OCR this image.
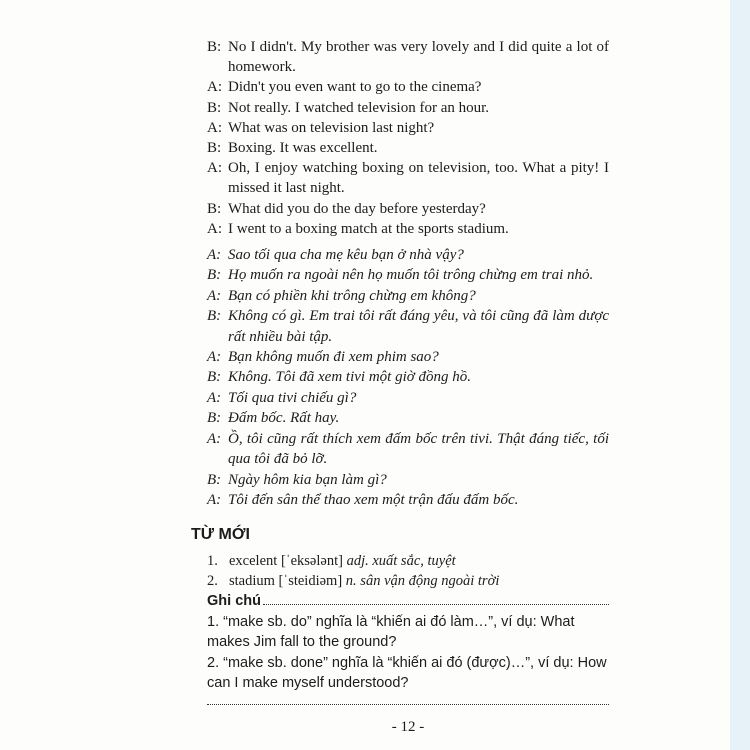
B: No I didn't. My brother was very lovely and I did quite a lot of homework.
A: Didn't you even want to go to the cinema?
B: Not really. I watched television for an hour.
A: What was on television last night?
B: Boxing. It was excellent.
A: Oh, I enjoy watching boxing on television, too. What a pity! I missed it last night.
B: What did you do the day before yesterday?
A: I went to a boxing match at the sports stadium.
A: Sao tối qua cha mẹ kêu bạn ở nhà vậy?
B: Họ muốn ra ngoài nên họ muốn tôi trông chừng em trai nhỏ.
A: Bạn có phiền khi trông chừng em không?
B: Không có gì. Em trai tôi rất đáng yêu, và tôi cũng đã làm dược rất nhiều bài tập.
A: Bạn không muốn đi xem phim sao?
B: Không. Tôi đã xem tivi một giờ đồng hồ.
A: Tối qua tivi chiếu gì?
B: Đấm bốc. Rất hay.
A: Ồ, tôi cũng rất thích xem đấm bốc trên tivi. Thật đáng tiếc, tối qua tôi đã bỏ lỡ.
B: Ngày hôm kia bạn làm gì?
A: Tôi đến sân thể thao xem một trận đấu đấm bốc.
TỪ MỚI
1. excelent [ˈeksələnt] adj. xuất sắc, tuyệt
2. stadium [ˈsteidiəm] n. sân vận động ngoài trời
Ghi chú
1. “make sb. do” nghĩa là “khiến ai đó làm…”, ví dụ: What makes Jim fall to the ground?
2. “make sb. done” nghĩa là “khiến ai đó (được)…”, ví dụ: How can I make myself understood?
- 12 -
